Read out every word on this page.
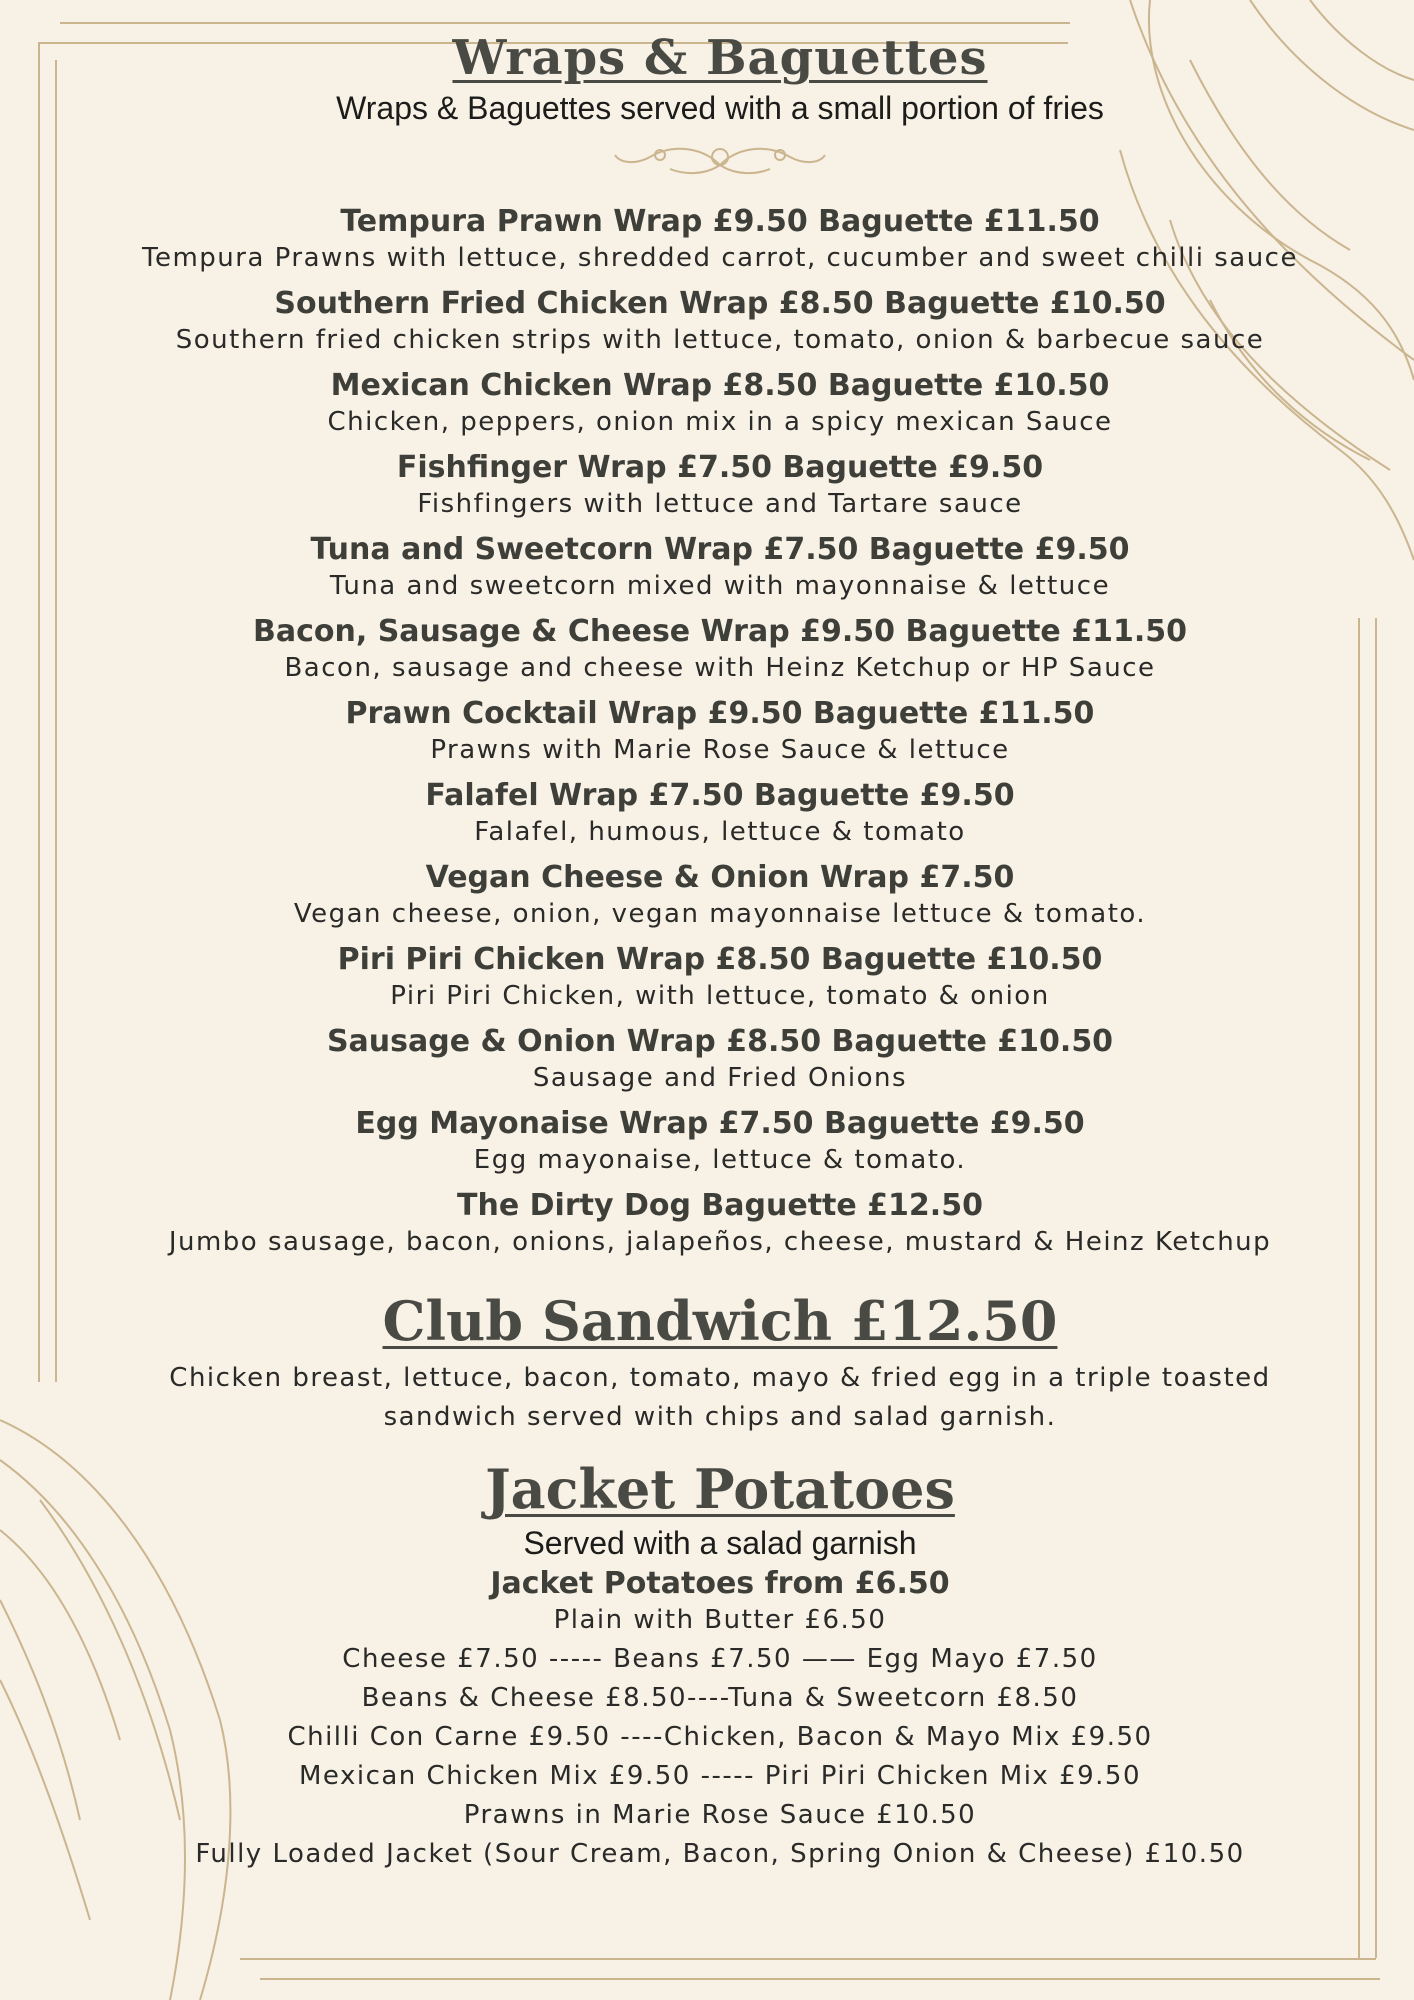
Wraps & Baguettes
Wraps & Baguettes served with a small portion of fries
Tempura Prawn Wrap £9.50 Baguette £11.50
Tempura Prawns with lettuce, shredded carrot, cucumber and sweet chilli sauce
Southern Fried Chicken Wrap £8.50 Baguette £10.50
Southern fried chicken strips with lettuce, tomato, onion & barbecue sauce
Mexican Chicken Wrap £8.50 Baguette £10.50
Chicken, peppers, onion mix in a spicy mexican Sauce
Fishfinger Wrap £7.50 Baguette £9.50
Fishfingers with lettuce and Tartare sauce
Tuna and Sweetcorn Wrap £7.50 Baguette £9.50
Tuna and sweetcorn mixed with mayonnaise & lettuce
Bacon, Sausage & Cheese Wrap £9.50 Baguette £11.50
Bacon, sausage and cheese with Heinz Ketchup or HP Sauce
Prawn Cocktail Wrap £9.50 Baguette £11.50
Prawns with Marie Rose Sauce & lettuce
Falafel Wrap £7.50 Baguette £9.50
Falafel, humous, lettuce & tomato
Vegan Cheese & Onion Wrap £7.50
Vegan cheese, onion, vegan mayonnaise lettuce & tomato.
Piri Piri Chicken Wrap £8.50 Baguette £10.50
Piri Piri Chicken, with lettuce, tomato & onion
Sausage & Onion Wrap £8.50 Baguette £10.50
Sausage and Fried Onions
Egg Mayonaise Wrap £7.50 Baguette £9.50
Egg mayonaise, lettuce & tomato.
The Dirty Dog Baguette £12.50
Jumbo sausage, bacon, onions, jalapeños, cheese, mustard & Heinz Ketchup
Club Sandwich £12.50
Chicken breast, lettuce, bacon, tomato, mayo & fried egg in a triple toasted sandwich served with chips and salad garnish.
Jacket Potatoes
Served with a salad garnish
Jacket Potatoes from £6.50
Plain with Butter £6.50
Cheese £7.50 ----- Beans £7.50 —— Egg Mayo £7.50
Beans & Cheese £8.50----Tuna & Sweetcorn £8.50
Chilli Con Carne £9.50 ----Chicken, Bacon & Mayo Mix £9.50
Mexican Chicken Mix £9.50 ----- Piri Piri Chicken Mix £9.50
Prawns in Marie Rose Sauce £10.50
Fully Loaded Jacket (Sour Cream, Bacon, Spring Onion & Cheese) £10.50
